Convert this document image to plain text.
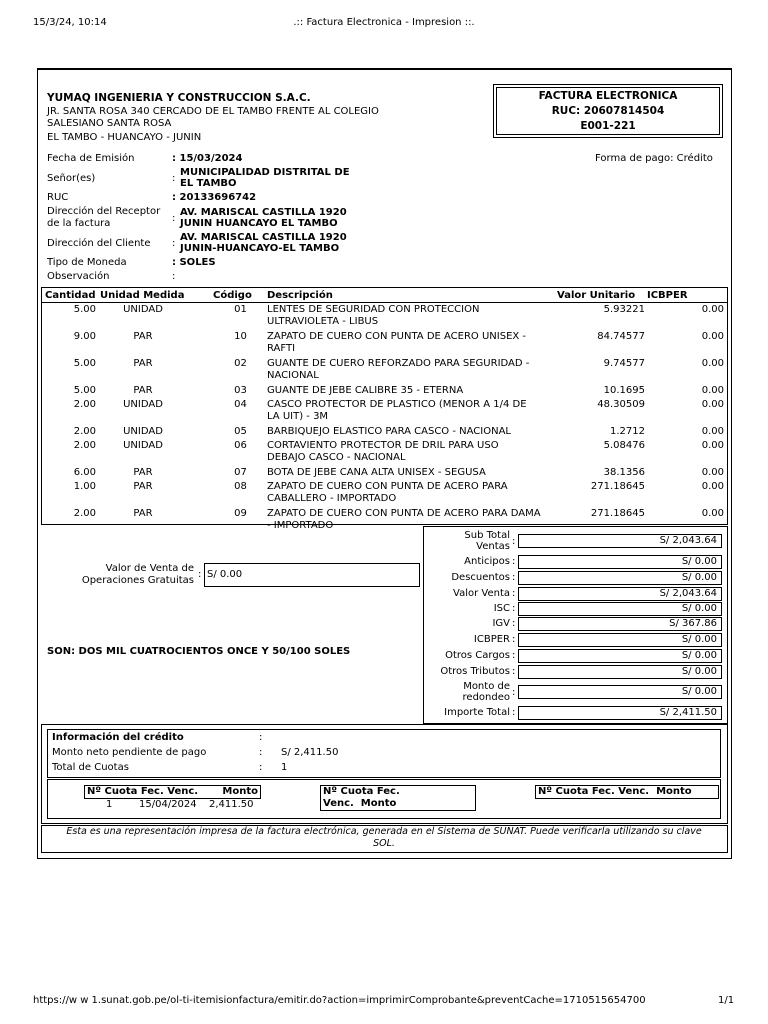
15/3/24, 10:14	.:: Factura Electronica - Impresion ::.
YUMAQ INGENIERIA Y CONSTRUCCION S.A.C.
JR. SANTA ROSA 340 CERCADO DE EL TAMBO FRENTE AL COLEGIO
SALESIANO SANTA ROSA
EL TAMBO - HUANCAYO - JUNIN
FACTURA ELECTRONICA
RUC: 20607814504
E001-221
Fecha de Emisión	: 15/03/2024	Forma de pago: Crédito
Señor(es)	:
MUNICIPALIDAD DISTRITAL DE
EL TAMBO
RUC	: 20133696742
Dirección del Receptor
de la factura	:
AV. MARISCAL CASTILLA 1920
JUNIN HUANCAYO EL TAMBO
Dirección del Cliente :
AV. MARISCAL CASTILLA 1920
JUNIN-HUANCAYO-EL TAMBO
Tipo de Moneda	: SOLES
Observación	:
Cantidad	Unidad Medida	Código	Descripción	Valor Unitario	ICBPER
5.00	UNIDAD	01	LENTES DE SEGURIDAD CON PROTECCION
ULTRAVIOLETA - LIBUS	5.93221	0.00
9.00	PAR	10	ZAPATO DE CUERO CON PUNTA DE ACERO UNISEX -
RAFTI	84.74577	0.00
5.00	PAR	02	GUANTE DE CUERO REFORZADO PARA SEGURIDAD -
NACIONAL	9.74577	0.00
5.00	PAR	03	GUANTE DE JEBE CALIBRE 35 - ETERNA	10.1695	0.00
2.00	UNIDAD	04	CASCO PROTECTOR DE PLASTICO (MENOR A 1/4 DE
LA UIT) - 3M	48.30509	0.00
2.00	UNIDAD	05	BARBIQUEJO ELASTICO PARA CASCO - NACIONAL	1.2712	0.00
2.00	UNIDAD	06	CORTAVIENTO PROTECTOR DE DRIL PARA USO
DEBAJO CASCO - NACIONAL	5.08476	0.00
6.00	PAR	07	BOTA DE JEBE CANA ALTA UNISEX - SEGUSA	38.1356	0.00
1.00	PAR	08	ZAPATO DE CUERO CON PUNTA DE ACERO PARA
CABALLERO - IMPORTADO	271.18645	0.00
2.00	PAR	09	ZAPATO DE CUERO CON PUNTA DE ACERO PARA DAMA
- IMPORTADO	271.18645	0.00
Valor de Venta de
Operaciones Gratuitas
: S/ 0.00
SON: DOS MIL CUATROCIENTOS ONCE Y 50/100 SOLES
Sub Total
Ventas :	S/ 2,043.64
Anticipos :	S/ 0.00
Descuentos :	S/ 0.00
Valor Venta :	S/ 2,043.64
ISC :	S/ 0.00
IGV :	S/ 367.86
ICBPER :	S/ 0.00
Otros Cargos :	S/ 0.00
Otros Tributos :	S/ 0.00
Monto de
redondeo :	S/ 0.00
Importe Total :	S/ 2,411.50
Información del crédito	:
Monto neto pendiente de pago	: S/ 2,411.50
Total de Cuotas	: 1
Nº Cuota Fec. Venc. Monto	Nº Cuota Fec. Venc. Monto
Nº Cuota Fec. Venc. Monto
1	15/04/2024 2,411.50
Esta es una representación impresa de la factura electrónica, generada en el Sistema de SUNAT. Puede verificarla utilizando su clave
SOL.
https://w w 1.sunat.gob.pe/ol-ti-itemisionfactura/emitir.do?action=imprimirComprobante&preventCache=1710515654700	1/1
